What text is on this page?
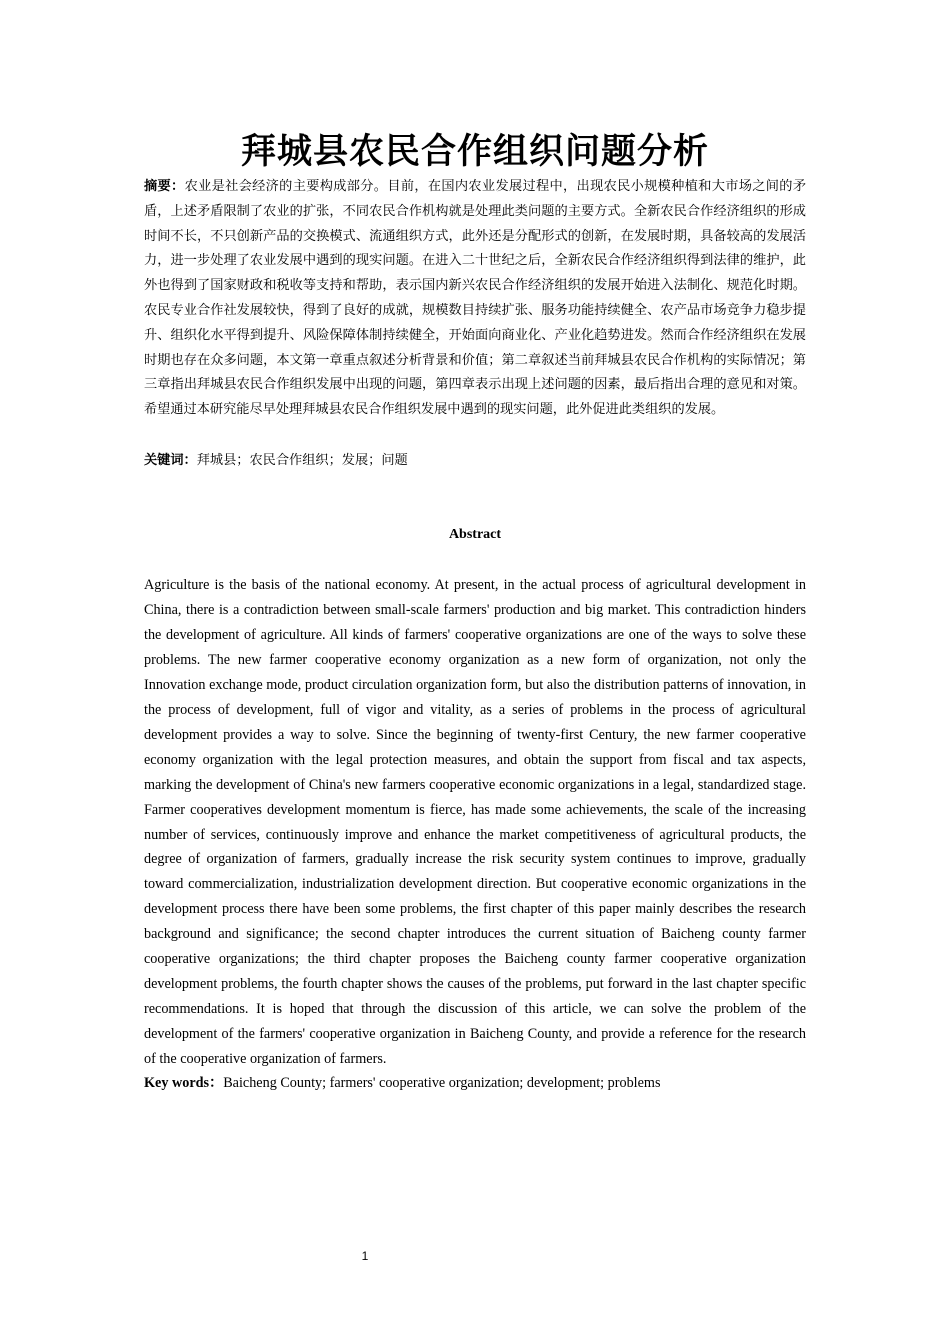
拜城县农民合作组织问题分析
摘要：农业是社会经济的主要构成部分。目前，在国内农业发展过程中，出现农民小规模种植和大市场之间的矛盾，上述矛盾限制了农业的扩张，不同农民合作机构就是处理此类问题的主要方式。全新农民合作经济组织的形成时间不长，不只创新产品的交换模式、流通组织方式，此外还是分配形式的创新，在发展时期，具备较高的发展活力，进一步处理了农业发展中遇到的现实问题。在进入二十世纪之后，全新农民合作经济组织得到法律的维护，此外也得到了国家财政和税收等支持和帮助，表示国内新兴农民合作经济组织的发展开始进入法制化、规范化时期。农民专业合作社发展较快，得到了良好的成就，规模数目持续扩张、服务功能持续健全、农产品市场竞争力稳步提升、组织化水平得到提升、风险保障体制持续健全，开始面向商业化、产业化趋势进发。然而合作经济组织在发展时期也存在众多问题，本文第一章重点叙述分析背景和价值；第二章叙述当前拜城县农民合作机构的实际情况；第三章指出拜城县农民合作组织发展中出现的问题，第四章表示出现上述问题的因素，最后指出合理的意见和对策。希望通过本研究能尽早处理拜城县农民合作组织发展中遇到的现实问题，此外促进此类组织的发展。
关键词：拜城县；农民合作组织；发展；问题
Abstract
Agriculture is the basis of the national economy. At present, in the actual process of agricultural development in China, there is a contradiction between small-scale farmers' production and big market. This contradiction hinders the development of agriculture. All kinds of farmers' cooperative organizations are one of the ways to solve these problems. The new farmer cooperative economy organization as a new form of organization, not only the Innovation exchange mode, product circulation organization form, but also the distribution patterns of innovation, in the process of development, full of vigor and vitality, as a series of problems in the process of agricultural development provides a way to solve. Since the beginning of twenty-first Century, the new farmer cooperative economy organization with the legal protection measures, and obtain the support from fiscal and tax aspects, marking the development of China's new farmers cooperative economic organizations in a legal, standardized stage. Farmer cooperatives development momentum is fierce, has made some achievements, the scale of the increasing number of services, continuously improve and enhance the market competitiveness of agricultural products, the degree of organization of farmers, gradually increase the risk security system continues to improve, gradually toward commercialization, industrialization development direction. But cooperative economic organizations in the development process there have been some problems, the first chapter of this paper mainly describes the research background and significance; the second chapter introduces the current situation of Baicheng county farmer cooperative organizations; the third chapter proposes the Baicheng county farmer cooperative organization development problems, the fourth chapter shows the causes of the problems, put forward in the last chapter specific recommendations. It is hoped that through the discussion of this article, we can solve the problem of the development of the farmers' cooperative organization in Baicheng County, and provide a reference for the research of the cooperative organization of farmers.
Key words：Baicheng County; farmers' cooperative organization; development; problems
1
